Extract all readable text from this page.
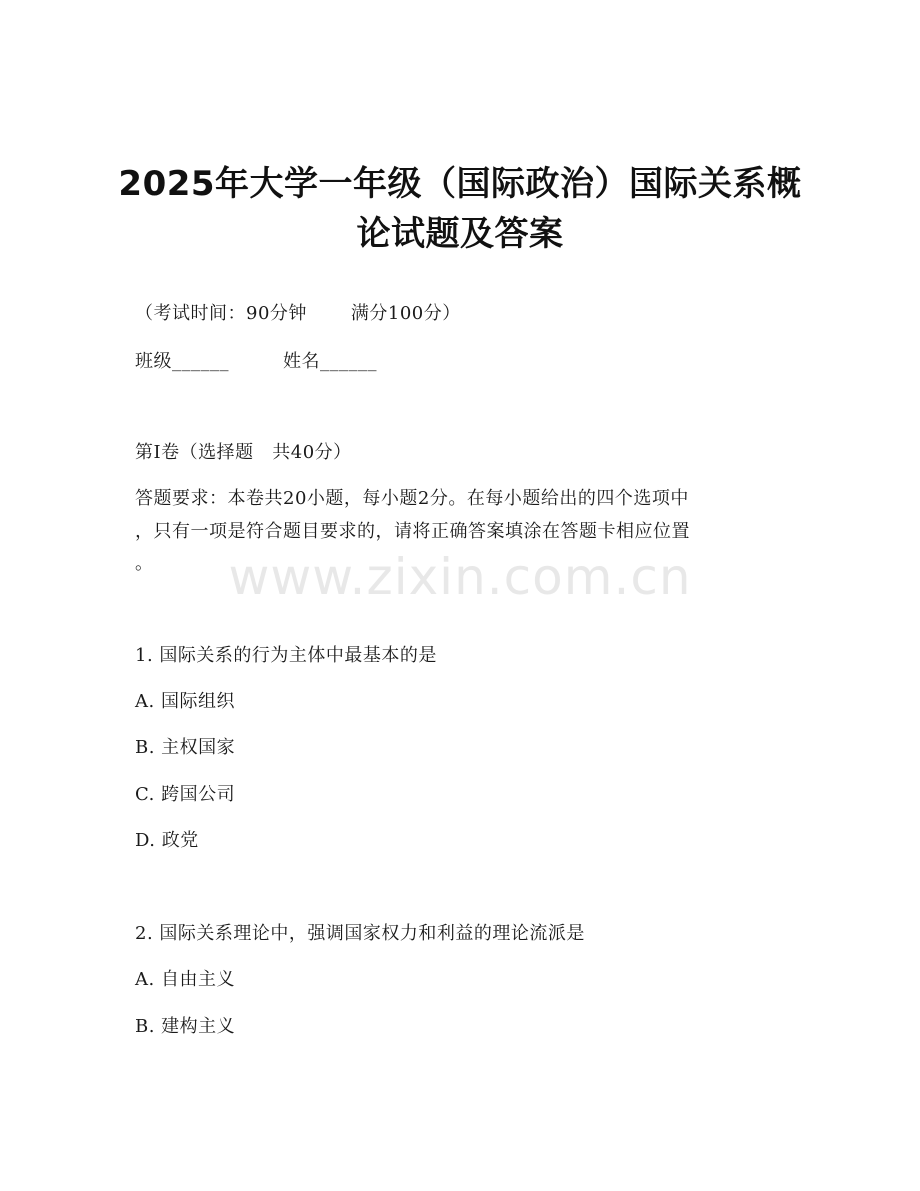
2025年大学一年级（国际政治）国际关系概
论试题及答案
（考试时间：90分钟 满分100分）
班级______	姓名______
第I卷（选择题   共40分）
答题要求：本卷共20小题，每小题2分。在每小题给出的四个选项中
，只有一项是符合题目要求的，请将正确答案填涂在答题卡相应位置
。	www.zixin.com.cn
1. 国际关系的行为主体中最基本的是
A. 国际组织
B. 主权国家
C. 跨国公司
D. 政党
2. 国际关系理论中，强调国家权力和利益的理论流派是
A. 自由主义
B. 建构主义
